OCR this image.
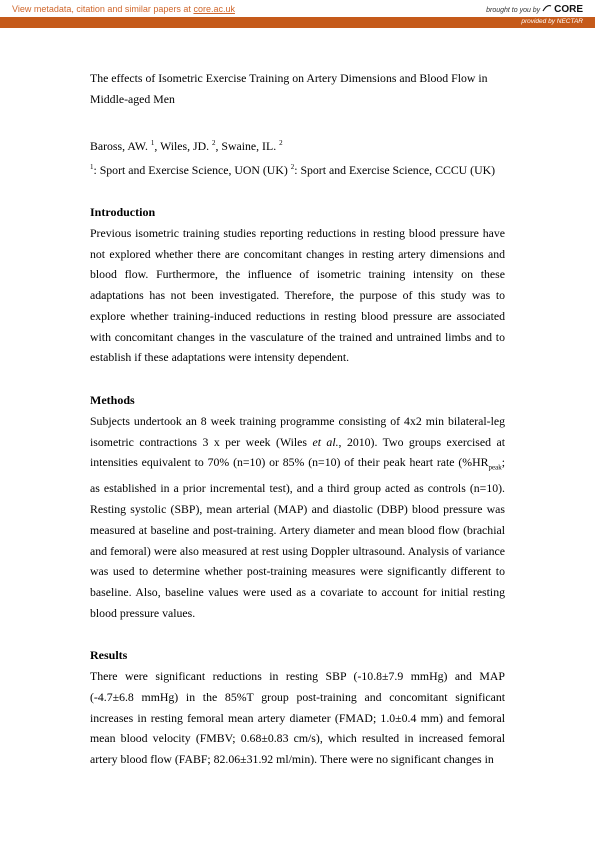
View metadata, citation and similar papers at core.ac.uk	brought to you by  CORE
provided by NECTAR

The effects of Isometric Exercise Training on Artery Dimensions and Blood Flow in Middle-aged Men

Baross, AW. $^1$, Wiles, JD. $^2$, Swaine, IL. $^2$

$^1$: Sport and Exercise Science, UON (UK) $^2$: Sport and Exercise Science, CCCU (UK)

Introduction

Previous isometric training studies reporting reductions in resting blood pressure have not explored whether there are concomitant changes in resting artery dimensions and blood flow. Furthermore, the influence of isometric training intensity on these adaptations has not been investigated. Therefore, the purpose of this study was to explore whether training-induced reductions in resting blood pressure are associated with concomitant changes in the vasculature of the trained and untrained limbs and to establish if these adaptations were intensity dependent.

Methods

Subjects undertook an 8 week training programme consisting of 4x2 min bilateral-leg isometric contractions 3 x per week (Wiles et al., 2010). Two groups exercised at intensities equivalent to 70% (n=10) or 85% (n=10) of their peak heart rate ($\%HR_{peak}$; as established in a prior incremental test), and a third group acted as controls (n=10). Resting systolic (SBP), mean arterial (MAP) and diastolic (DBP) blood pressure was measured at baseline and post-training. Artery diameter and mean blood flow (brachial and femoral) were also measured at rest using Doppler ultrasound. Analysis of variance was used to determine whether post-training measures were significantly different to baseline. Also, baseline values were used as a covariate to account for initial resting blood pressure values.

Results

There were significant reductions in resting SBP (-10.8±7.9 mmHg) and MAP (-4.7±6.8 mmHg) in the 85%T group post-training and concomitant significant increases in resting femoral mean artery diameter (FMAD; 1.0±0.4 mm) and femoral mean blood velocity (FMBV; 0.68±0.83 cm/s), which resulted in increased femoral artery blood flow (FABF; 82.06±31.92 ml/min). There were no significant changes in
